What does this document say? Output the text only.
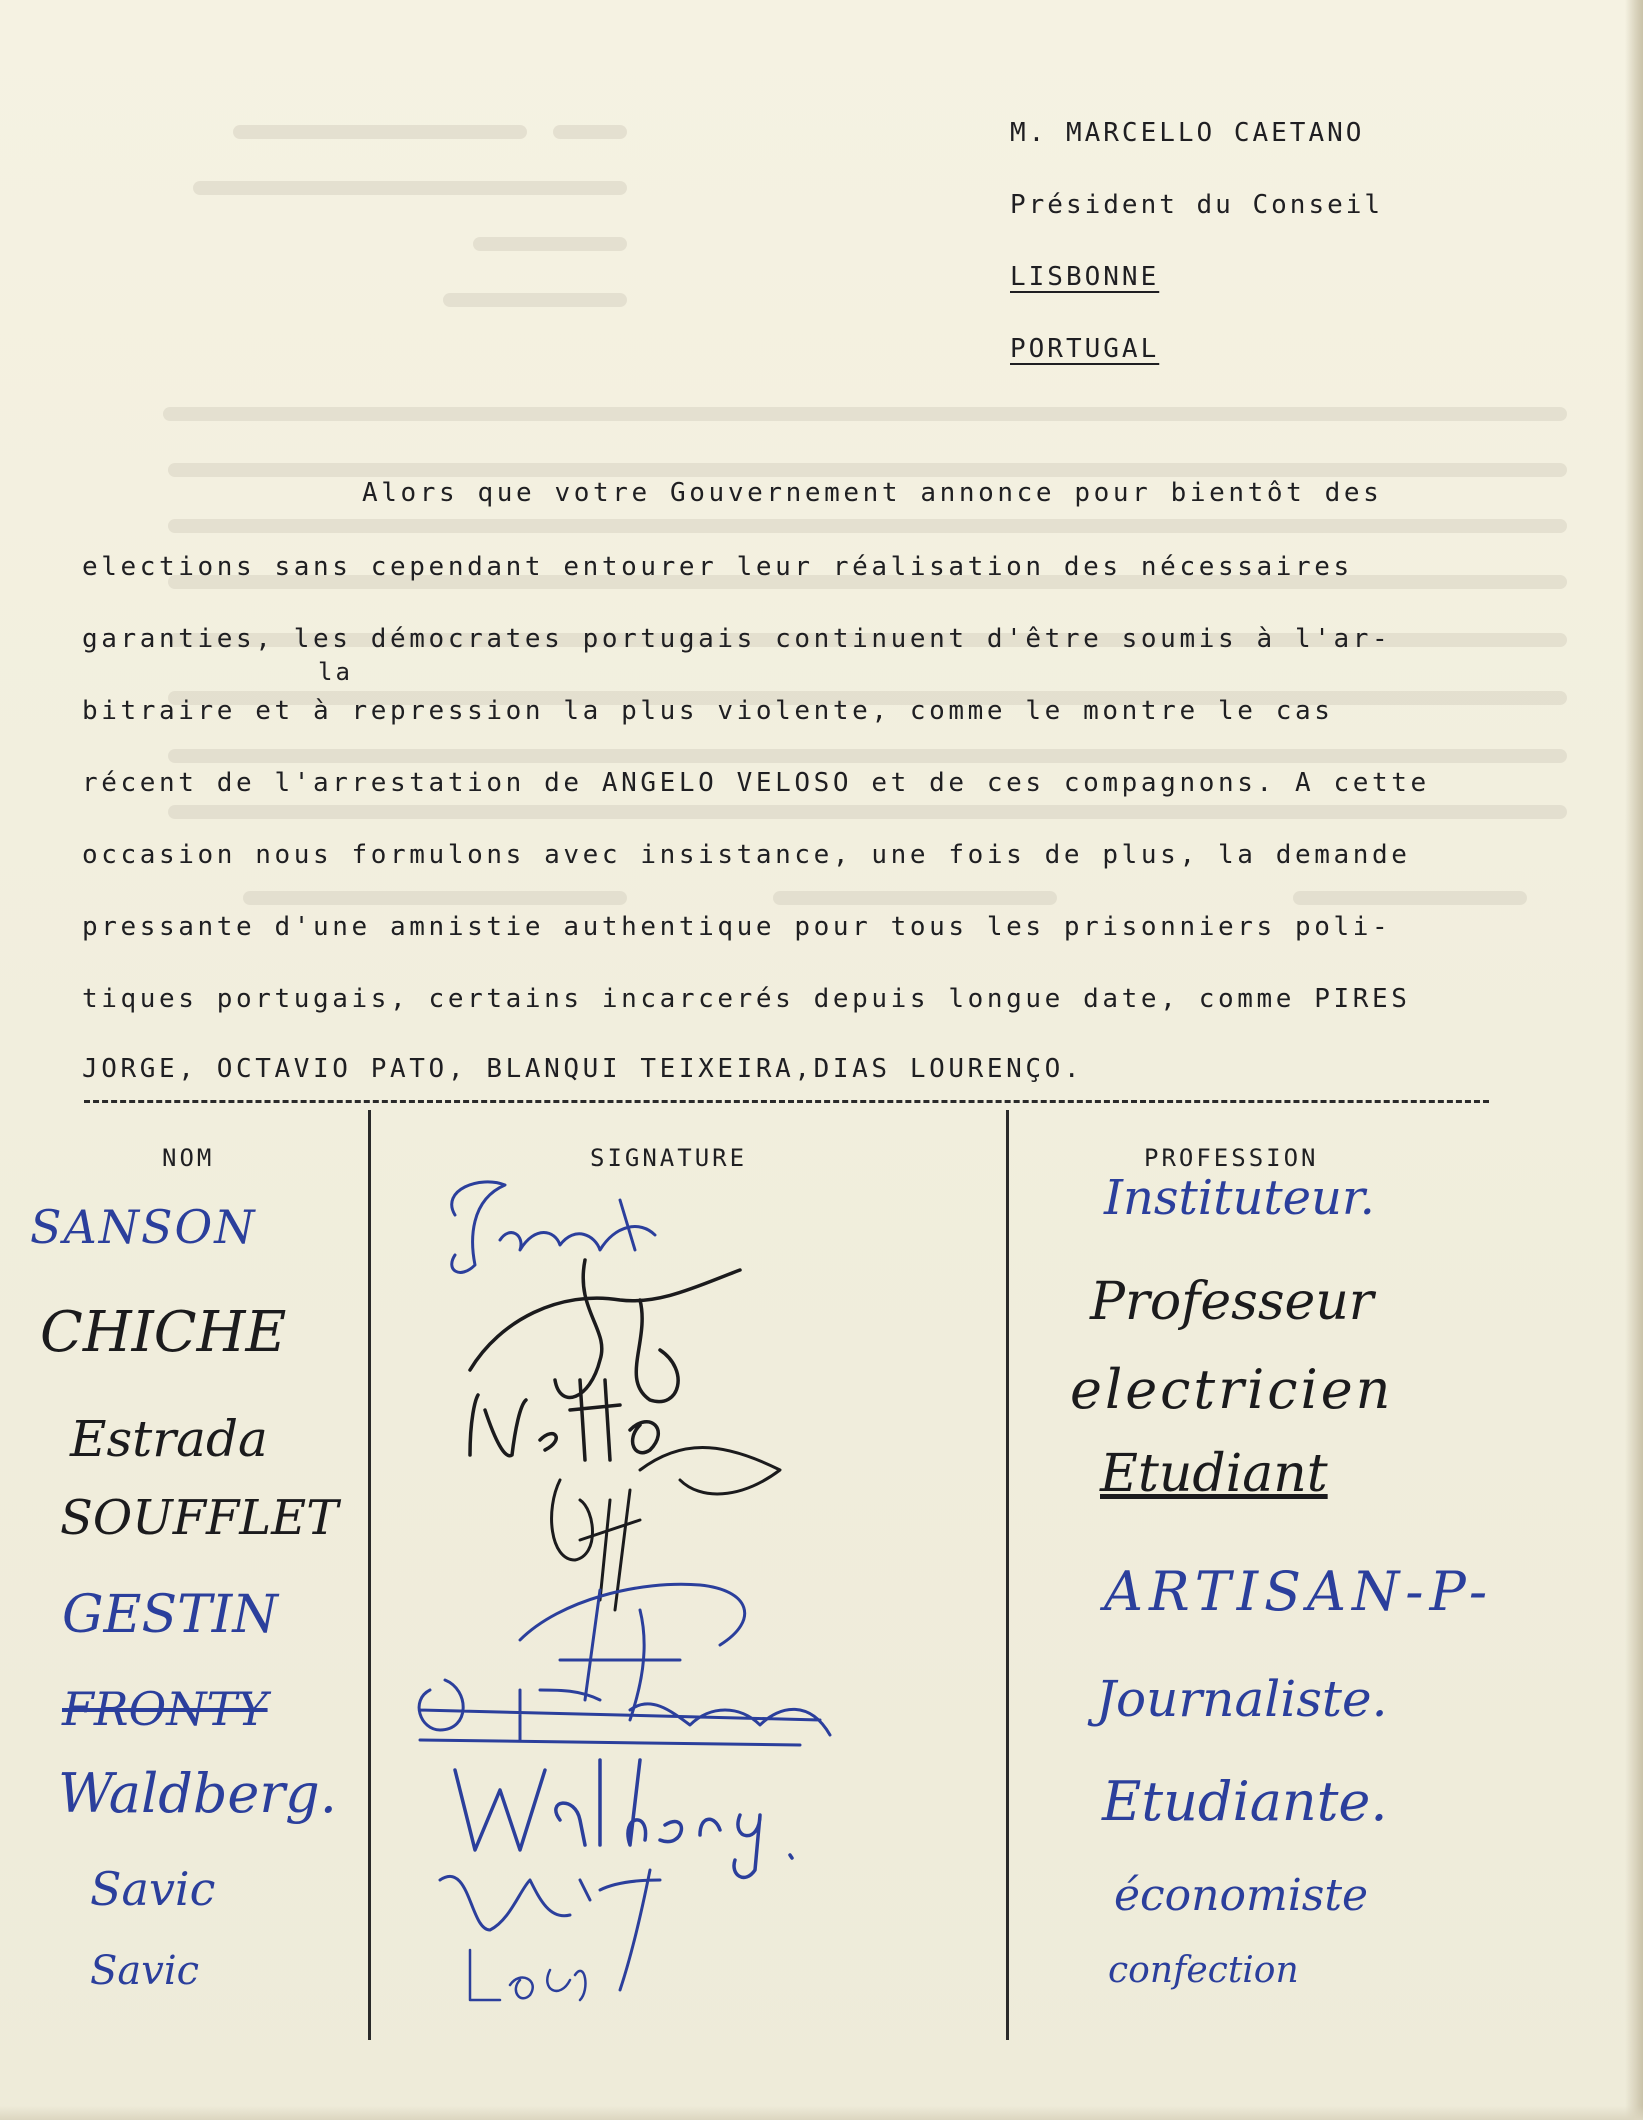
M. MARCELLO CAETANO
Président du Conseil
LISBONNE
PORTUGAL
Alors que votre Gouvernement annonce pour bientôt des
elections sans cependant entourer leur réalisation des nécessaires
garanties, les démocrates portugais continuent d'être soumis à l'ar-
la
bitraire et à repression la plus violente, comme le montre le cas
récent de l'arrestation de ANGELO VELOSO et de ces compagnons. A cette
occasion nous formulons avec insistance, une fois de plus, la demande
pressante d'une amnistie authentique pour tous les prisonniers poli-
tiques portugais, certains incarcerés depuis longue date, comme PIRES
JORGE, OCTAVIO PATO, BLANQUI TEIXEIRA,DIAS LOURENÇO.
NOM	SIGNATURE	PROFESSION
SANSON
CHICHE
Estrada
SOUFFLET
GESTIN
FRONTY
Waldberg.
Savic
Savic
Instituteur.
Professeur
electricien
Etudiant
ARTISAN-P-
Journaliste.
Etudiante.
économiste
confection
